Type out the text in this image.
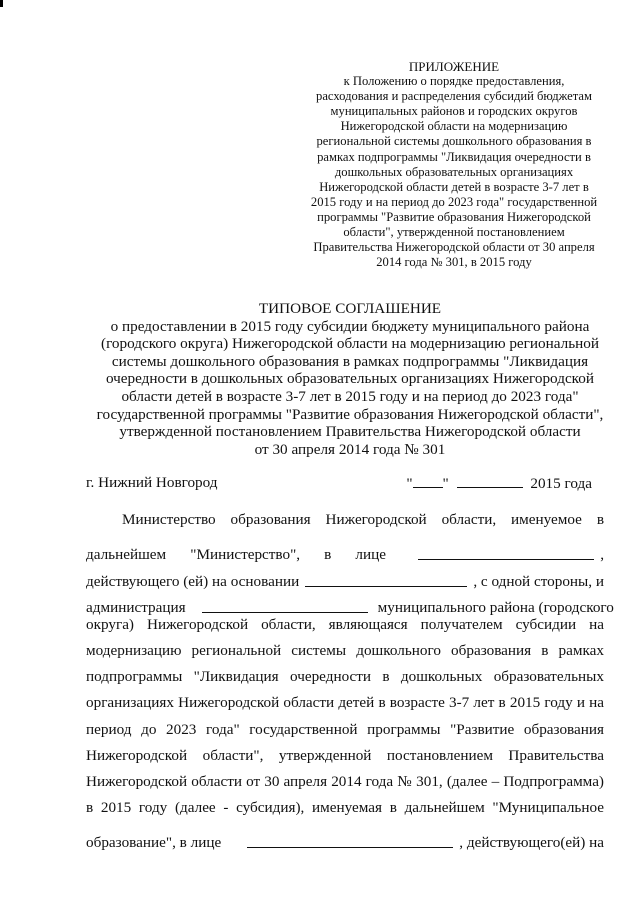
ПРИЛОЖЕНИЕ
к Положению о порядке предоставления,
расходования и распределения субсидий бюджетам
муниципальных районов и городских округов
Нижегородской области на модернизацию
региональной системы дошкольного образования в
рамках подпрограммы "Ликвидация очередности в
дошкольных образовательных организациях
Нижегородской области детей в возрасте 3-7 лет в
2015 году и на период до 2023 года" государственной
программы "Развитие образования Нижегородской
области", утвержденной постановлением
Правительства Нижегородской области от 30 апреля
2014 года № 301, в 2015 году
ТИПОВОЕ СОГЛАШЕНИЕ
о предоставлении в 2015 году субсидии бюджету муниципального района
(городского округа) Нижегородской области на модернизацию региональной
системы дошкольного образования в рамках подпрограммы "Ликвидация
очередности в дошкольных образовательных организациях Нижегородской
области детей в возрасте 3-7 лет в 2015 году и на период до 2023 года"
государственной программы "Развитие образования Нижегородской области",
утвержденной постановлением Правительства Нижегородской области
от 30 апреля 2014 года № 301
г. Нижний Новгород	" "	2015 года
Министерство образования Нижегородской области, именуемое в
дальнейшем "Министерство", в лице	,
действующего (ей) на основании	, с одной стороны, и
администрация	муниципального района (городского
округа) Нижегородской области, являющаяся получателем субсидии на
модернизацию региональной системы дошкольного образования в рамках
подпрограммы "Ликвидация очередности в дошкольных образовательных
организациях Нижегородской области детей в возрасте 3-7 лет в 2015 году и на
период до 2023 года" государственной программы "Развитие образования
Нижегородской области", утвержденной постановлением Правительства
Нижегородской области от 30 апреля 2014 года № 301, (далее – Подпрограмма)
в 2015 году (далее - субсидия), именуемая в дальнейшем "Муниципальное
образование", в лице	, действующего(ей) на
